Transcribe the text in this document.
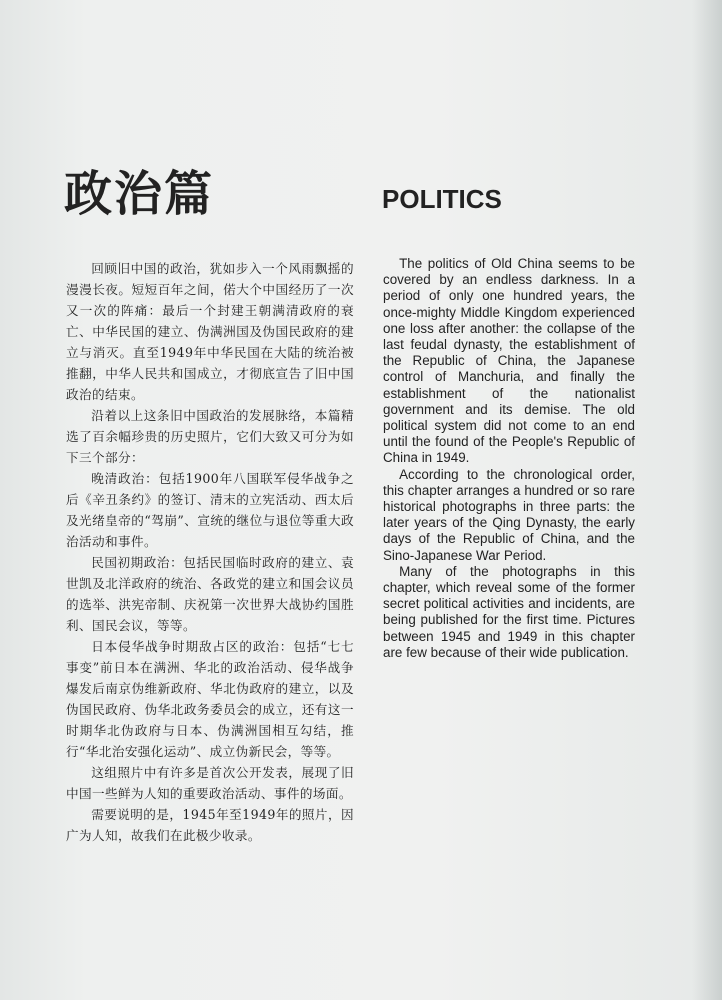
政治篇	POLITICS

回顾旧中国的政治，犹如步入一个风雨飘摇的漫漫长夜。短短百年之间，偌大个中国经历了一次又一次的阵痛：最后一个封建王朝满清政府的衰亡、中华民国的建立、伪满洲国及伪国民政府的建立与消灭。直至1949年中华民国在大陆的统治被推翻，中华人民共和国成立，才彻底宣告了旧中国政治的结束。

沿着以上这条旧中国政治的发展脉络，本篇精选了百余幅珍贵的历史照片，它们大致又可分为如下三个部分：

晚清政治：包括1900年八国联军侵华战争之后《辛丑条约》的签订、清末的立宪活动、西太后及光绪皇帝的“驾崩”、宣统的继位与退位等重大政治活动和事件。

民国初期政治：包括民国临时政府的建立、袁世凯及北洋政府的统治、各政党的建立和国会议员的选举、洪宪帝制、庆祝第一次世界大战协约国胜利、国民会议，等等。

日本侵华战争时期敌占区的政治：包括“七七事变”前日本在满洲、华北的政治活动、侵华战争爆发后南京伪维新政府、华北伪政府的建立，以及伪国民政府、伪华北政务委员会的成立，还有这一时期华北伪政府与日本、伪满洲国相互勾结，推行“华北治安强化运动”、成立伪新民会，等等。

这组照片中有许多是首次公开发表，展现了旧中国一些鲜为人知的重要政治活动、事件的场面。

需要说明的是，1945年至1949年的照片，因广为人知，故我们在此极少收录。

The politics of Old China seems to be covered by an endless darkness. In a period of only one hundred years, the once-mighty Middle Kingdom experienced one loss after another: the collapse of the last feudal dynasty, the establishment of the Republic of China, the Japanese control of Manchuria, and finally the establishment of the nationalist government and its demise. The old political system did not come to an end until the found of the People's Republic of China in 1949.

According to the chronological order, this chapter arranges a hundred or so rare historical photographs in three parts: the later years of the Qing Dynasty, the early days of the Republic of China, and the Sino-Japanese War Period.

Many of the photographs in this chapter, which reveal some of the former secret political activities and incidents, are being published for the first time. Pictures between 1945 and 1949 in this chapter are few because of their wide publication.
